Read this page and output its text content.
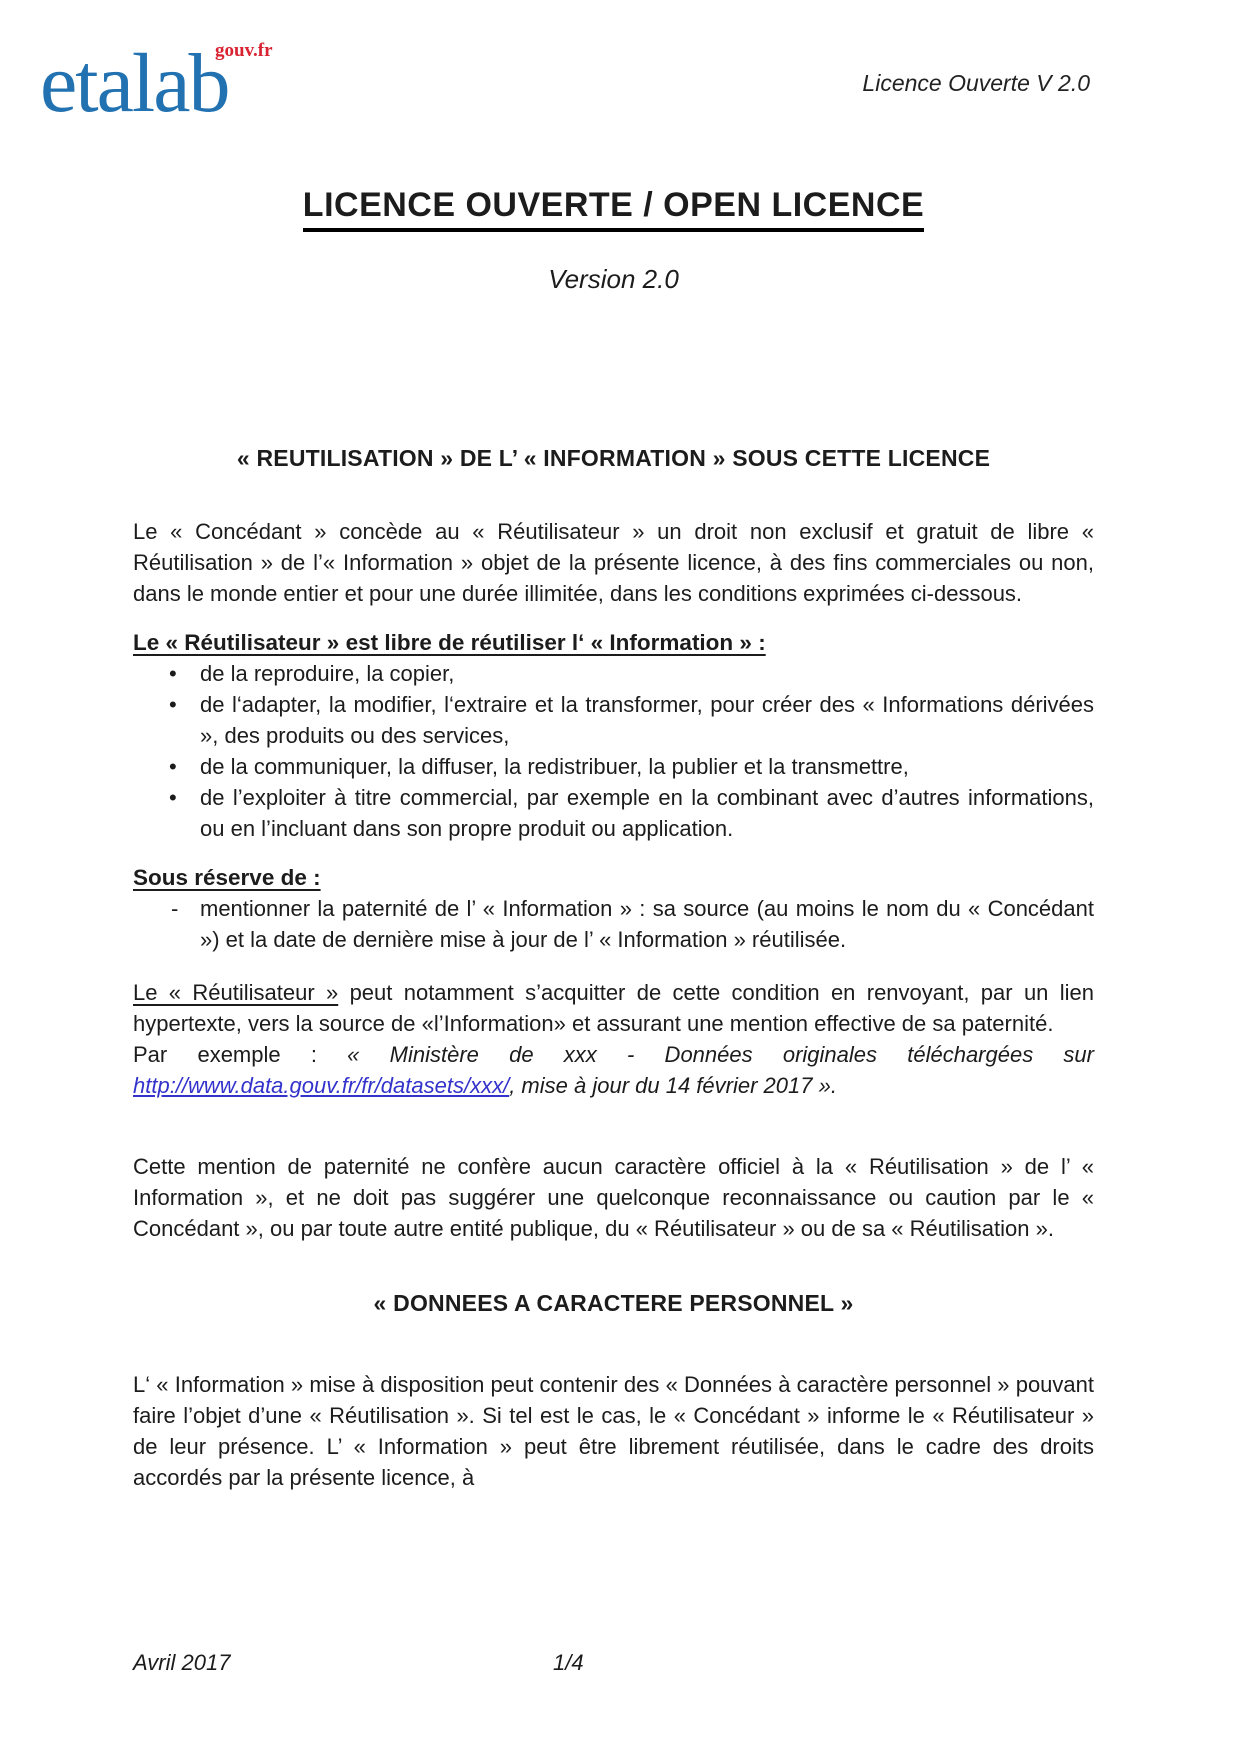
etalab
gouv.fr
Licence Ouverte V 2.0
LICENCE OUVERTE / OPEN LICENCE
Version 2.0
« REUTILISATION » DE L’ « INFORMATION » SOUS CETTE LICENCE

Le « Concédant » concède au « Réutilisateur » un droit non exclusif et gratuit de libre « Réutilisation » de l’« Information » objet de la présente licence, à des fins commerciales ou non, dans le monde entier et pour une durée illimitée, dans les conditions exprimées ci-dessous.

Le « Réutilisateur » est libre de réutiliser l‘ « Information » :
• de la reproduire, la copier,
• de l‘adapter, la modifier, l‘extraire et la transformer, pour créer des « Informations dérivées », des produits ou des services,
• de la communiquer, la diffuser, la redistribuer, la publier et la transmettre,
• de l’exploiter à titre commercial, par exemple en la combinant avec d’autres informations, ou en l’incluant dans son propre produit ou application.
Sous réserve de :
- mentionner la paternité de l’ « Information » : sa source (au moins le nom du « Concédant ») et la date de dernière mise à jour de l’ « Information » réutilisée.

Le « Réutilisateur » peut notamment s’acquitter de cette condition en renvoyant, par un lien hypertexte, vers la source de «l’Information» et assurant une mention effective de sa paternité.

Par exemple : « Ministère de xxx - Données originales téléchargées sur http://www.data.gouv.fr/fr/datasets/xxx/, mise à jour du 14 février 2017 ».

Cette mention de paternité ne confère aucun caractère officiel à la « Réutilisation » de l’ « Information », et ne doit pas suggérer une quelconque reconnaissance ou caution par le « Concédant », ou par toute autre entité publique, du « Réutilisateur » ou de sa « Réutilisation ».

« DONNEES A CARACTERE PERSONNEL »

L‘ « Information » mise à disposition peut contenir des « Données à caractère personnel » pouvant faire l’objet d’une « Réutilisation ». Si tel est le cas, le « Concédant » informe le « Réutilisateur » de leur présence. L’ « Information » peut être librement réutilisée, dans le cadre des droits accordés par la présente licence, à

Avril 2017	1/4
